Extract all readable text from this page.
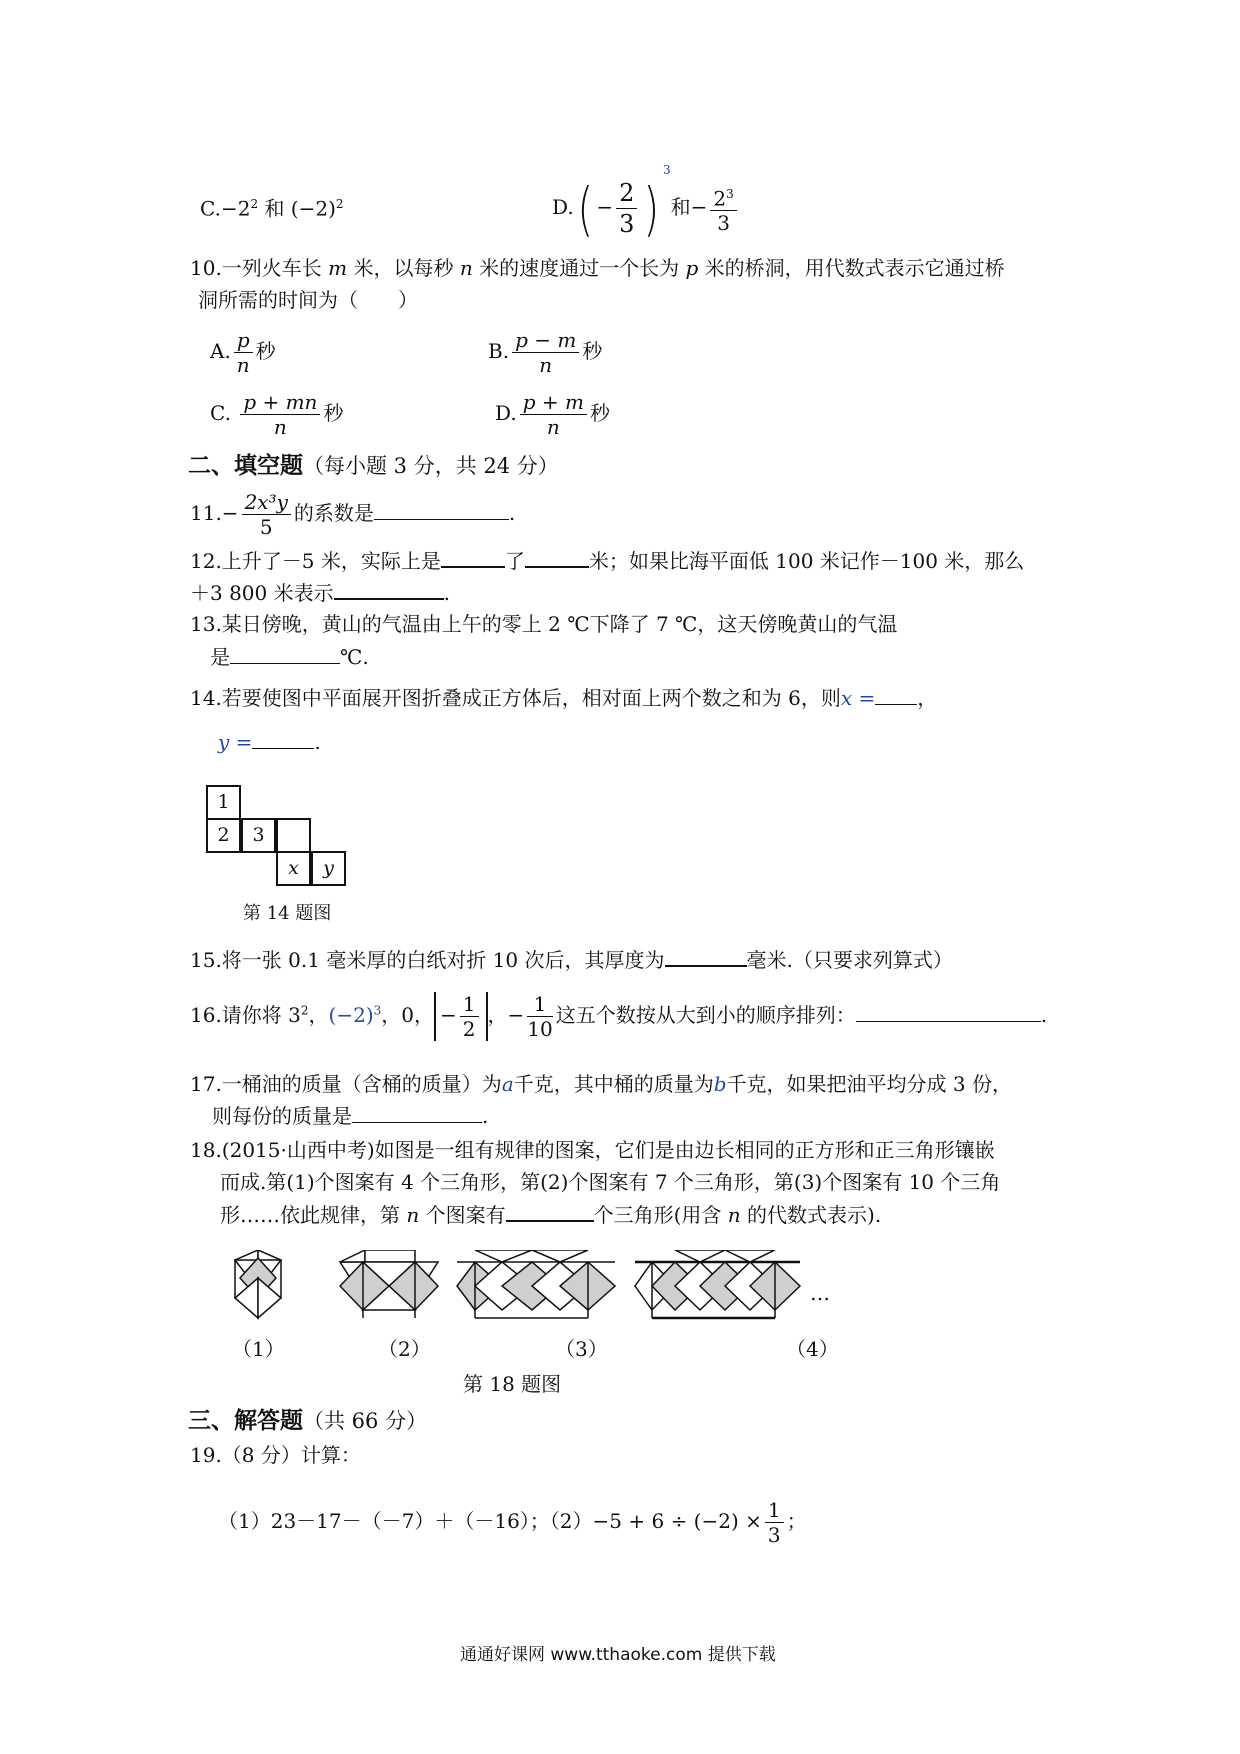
$C.-2^2$ 和 $(-2)^2$	$D.( - \frac{2}{3} )^3$和− $\frac{2^3}{3}$
10.一列火车长 m 米，以每秒 n 米的速度通过一个长为 p 米的桥洞，用代数式表示它通过桥
洞所需的时间为（　　）
A. $\frac{p}{n}$ 秒	B. $\frac{p - m}{n}$ 秒
C. $\frac{p + mn}{n}$ 秒	D. $\frac{p + m}{n}$ 秒
二、填空题（每小题 3 分，共 24 分）
$11.- \frac{\text{2x³y}}{5}$ 的系数是	.
12.上升了－5 米，实际上是	了	米；如果比海平面低 100 米记作－100 米，那么
＋3 800 米表示	.
13.某日傍晚，黄山的气温由上午的零上 2 ℃下降了 7 ℃，这天傍晚黄山的气温
是	℃.
14.若要使图中平面展开图折叠成正方体后，相对面上两个数之和为 6，则x = ，
y =	.
1
2	3
x	y
第 14 题图
15.将一张 0.1 毫米厚的白纸对折 10 次后，其厚度为	毫米.（只要求列算式）
16.请你将 $3^2$，$(-2)^3$，0， − $\frac{1}{2}$ ，− $\frac{1}{10}$ 这五个数按从大到小的顺序排列：	.
17.一桶油的质量（含桶的质量）为a千克，其中桶的质量为b千克，如果把油平均分成 3 份，
则每份的质量是	.
18.(2015·山西中考)如图是一组有规律的图案，它们是由边长相同的正方形和正三角形镶嵌
而成.第(1)个图案有 4 个三角形，第(2)个图案有 7 个三角形，第(3)个图案有 10 个三角
形……依此规律，第 n 个图案有	个三角形(用含 n 的代数式表示).
…
（1）	（2）	（3）	（4）
第 18 题图
三、解答题（共 66 分）
19.（8 分）计算：
（1）23－17－（－7）＋（－16）；$(2)-5 + 6 \div (-2) \times \frac{1}{3}$ ；
通通好课网 www.tthaoke.com 提供下载
